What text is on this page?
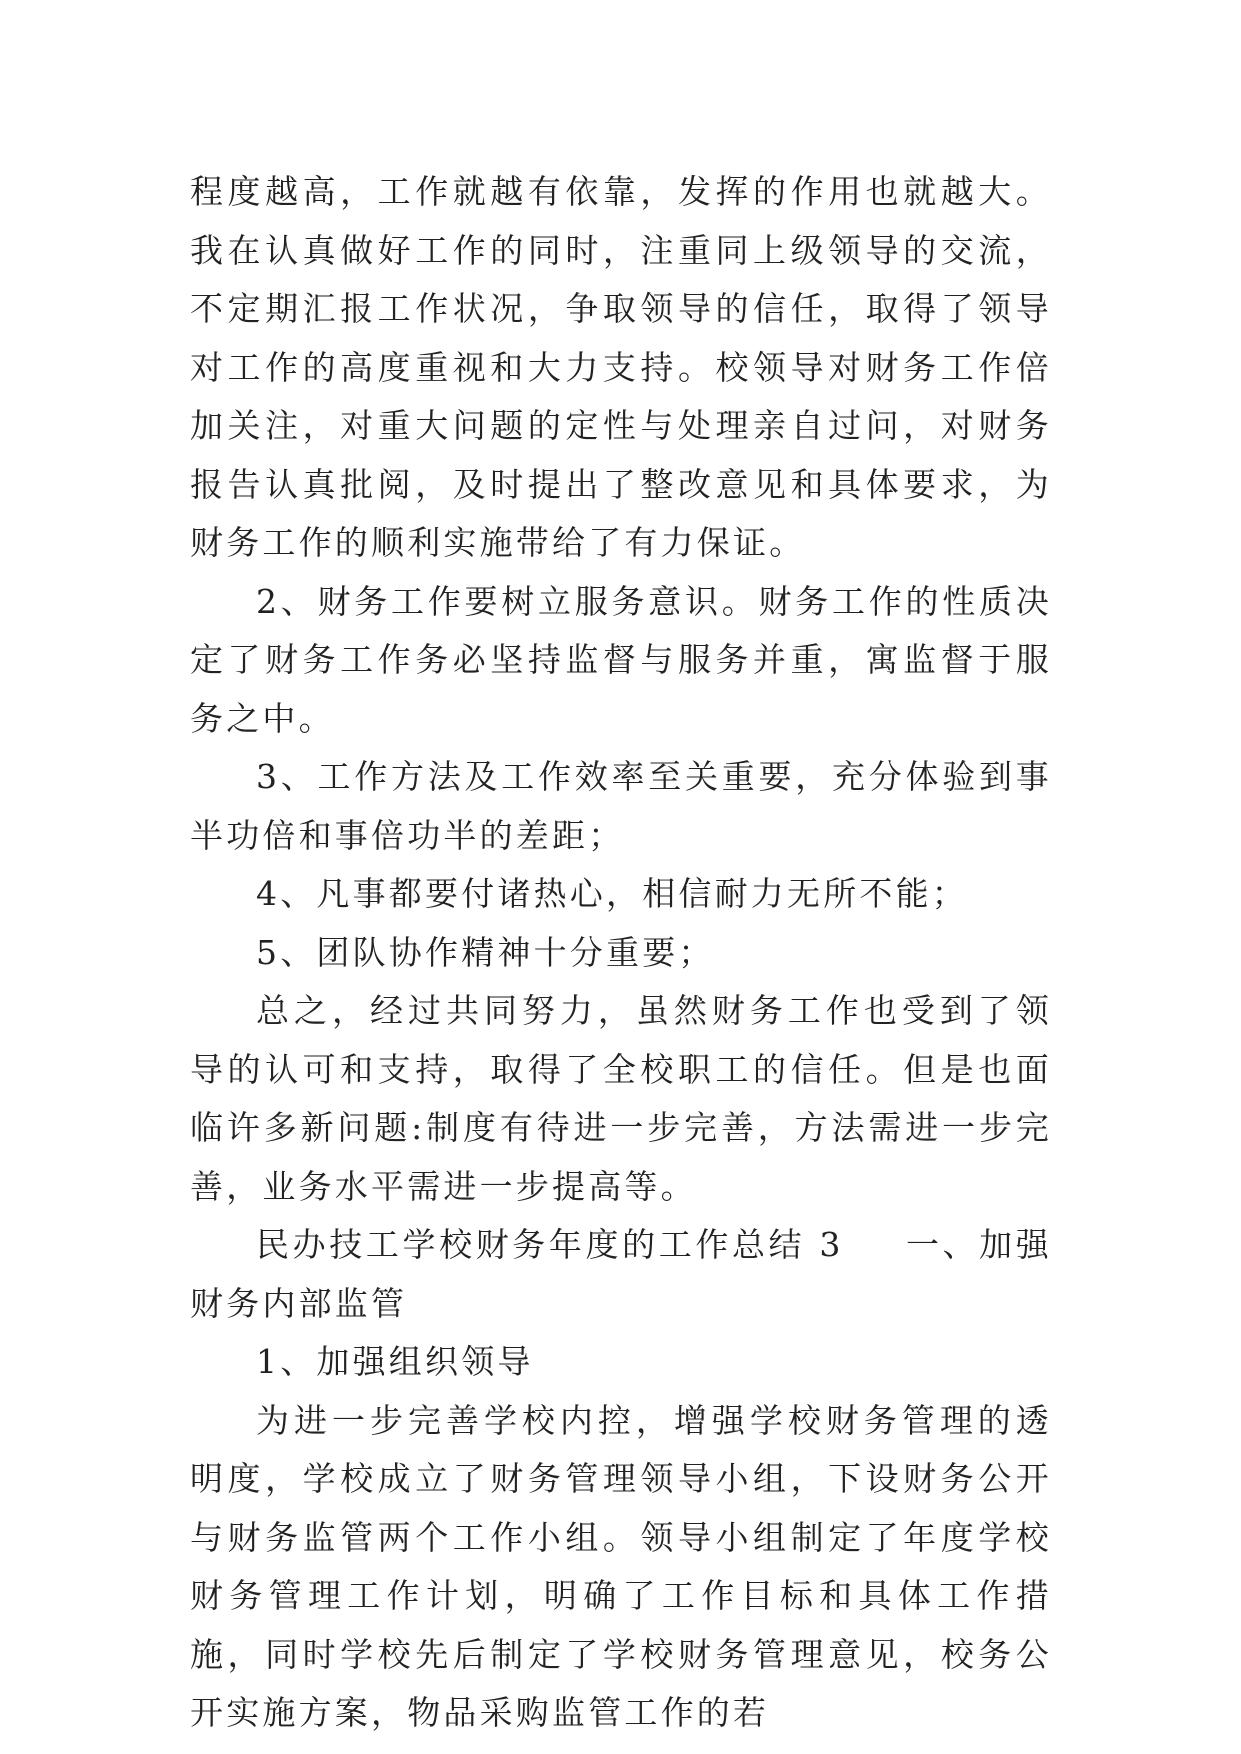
程度越高，工作就越有依靠，发挥的作用也就越大。我在认真做好工作的同时，注重同上级领导的交流，不定期汇报工作状况，争取领导的信任，取得了领导对工作的高度重视和大力支持。校领导对财务工作倍加关注，对重大问题的定性与处理亲自过问，对财务报告认真批阅，及时提出了整改意见和具体要求，为财务工作的顺利实施带给了有力保证。

2、财务工作要树立服务意识。财务工作的性质决定了财务工作务必坚持监督与服务并重，寓监督于服务之中。

3、工作方法及工作效率至关重要，充分体验到事半功倍和事倍功半的差距；

4、凡事都要付诸热心，相信耐力无所不能；

5、团队协作精神十分重要；

总之，经过共同努力，虽然财务工作也受到了领导的认可和支持，取得了全校职工的信任。但是也面临许多新问题:制度有待进一步完善，方法需进一步完善，业务水平需进一步提高等。

民办技工学校财务年度的工作总结 3 一、加强财务内部监管

1、加强组织领导

为进一步完善学校内控，增强学校财务管理的透明度，学校成立了财务管理领导小组，下设财务公开与财务监管两个工作小组。领导小组制定了年度学校财务管理工作计划，明确了工作目标和具体工作措施，同时学校先后制定了学校财务管理意见，校务公开实施方案，物品采购监管工作的若
